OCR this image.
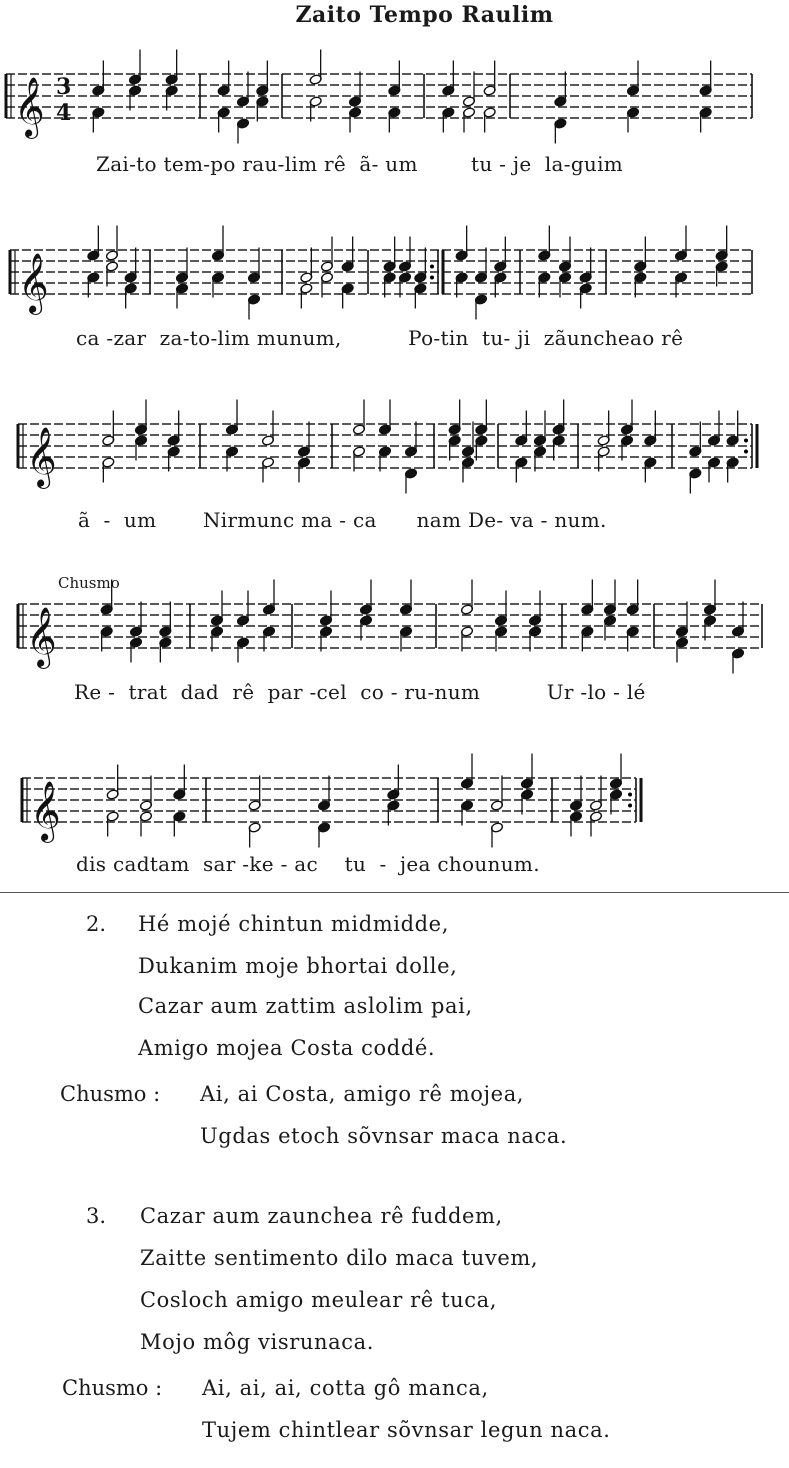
Zaito Tempo Raulim
𝄞 3
4
Zai-to tem-po rau-lim rê  ã- um        tu - je  la-guim
𝄞
ca -zar  za-to-lim munum,          Po-tin  tu- ji  zãuncheao rê
𝄞
ã  -  um       Nirmunc ma - ca      nam De- va - num.
Chusmo
𝄞
Re -  trat  dad  rê  par -cel  co - ru-num          Ur -lo - lé
𝄞
dis cadtam  sar -ke - ac    tu  -  jea chounum.
2. Hé mojé chintun midmidde,
Dukanim moje bhortai dolle,
Cazar aum zattim aslolim pai,
Amigo mojea Costa coddé.
Chusmo : Ai, ai Costa, amigo rê mojea,
Ugdas etoch sõvnsar maca naca.
3. Cazar aum zaunchea rê fuddem,
Zaitte sentimento dilo maca tuvem,
Cosloch amigo meulear rê tuca,
Mojo môg visrunaca.
Chusmo : Ai, ai, ai, cotta gô manca,
Tujem chintlear sõvnsar legun naca.
